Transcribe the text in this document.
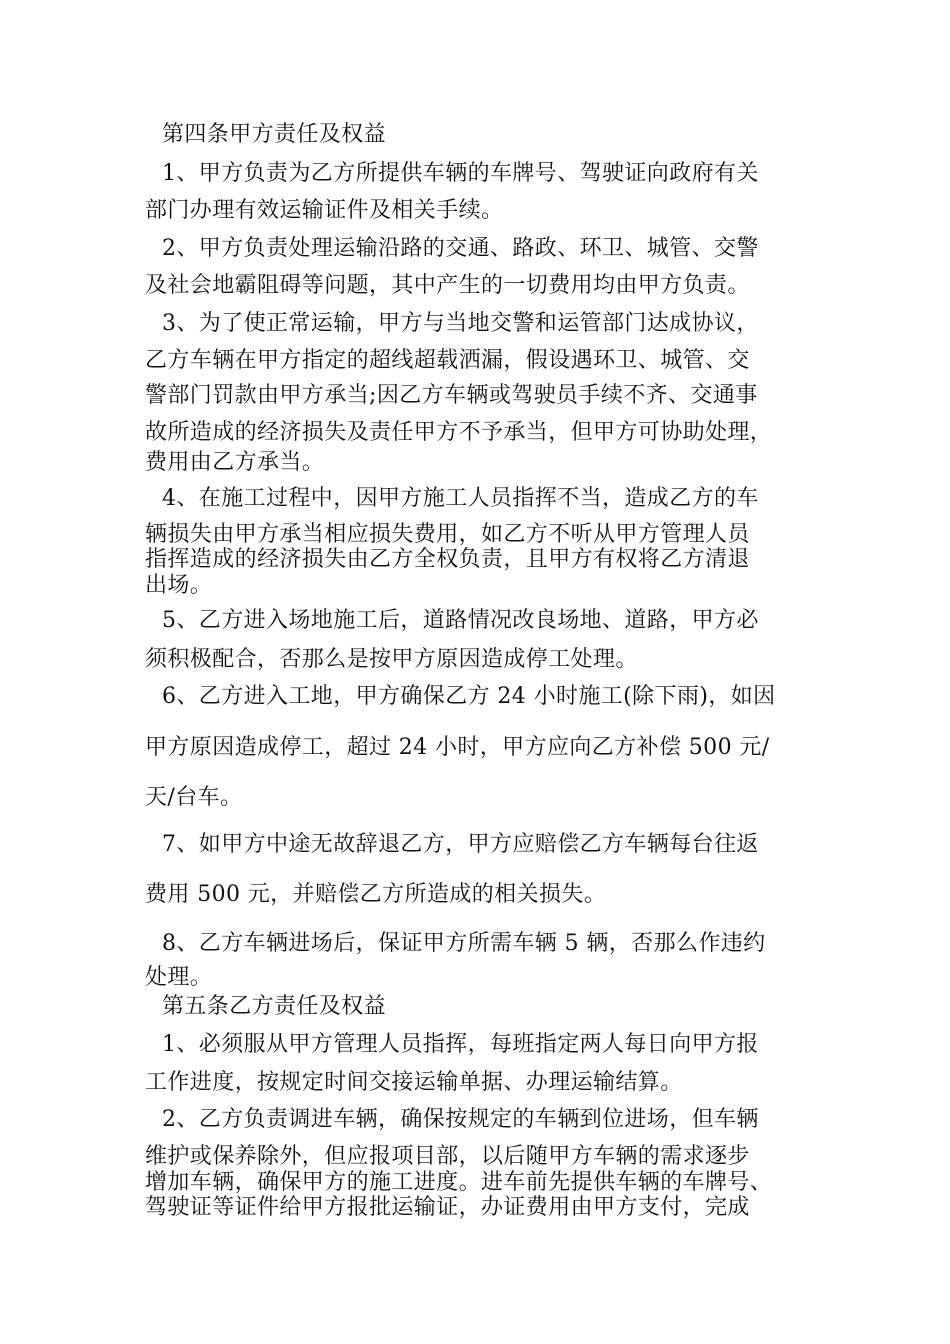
第四条甲方责任及权益
1、甲方负责为乙方所提供车辆的车牌号、驾驶证向政府有关
部门办理有效运输证件及相关手续。
2、甲方负责处理运输沿路的交通、路政、环卫、城管、交警
及社会地霸阻碍等问题，其中产生的一切费用均由甲方负责。
3、为了使正常运输，甲方与当地交警和运管部门达成协议，
乙方车辆在甲方指定的超线超载洒漏，假设遇环卫、城管、交
警部门罚款由甲方承当;因乙方车辆或驾驶员手续不齐、交通事
故所造成的经济损失及责任甲方不予承当，但甲方可协助处理，
费用由乙方承当。
4、在施工过程中，因甲方施工人员指挥不当，造成乙方的车
辆损失由甲方承当相应损失费用，如乙方不听从甲方管理人员
指挥造成的经济损失由乙方全权负责，且甲方有权将乙方清退
出场。
5、乙方进入场地施工后，道路情况改良场地、道路，甲方必
须积极配合，否那么是按甲方原因造成停工处理。
6、乙方进入工地，甲方确保乙方 24 小时施工(除下雨)，如因
甲方原因造成停工，超过 24 小时，甲方应向乙方补偿 500 元/
天/台车。
7、如甲方中途无故辞退乙方，甲方应赔偿乙方车辆每台往返
费用 500 元，并赔偿乙方所造成的相关损失。
8、乙方车辆进场后，保证甲方所需车辆 5 辆，否那么作违约
处理。
第五条乙方责任及权益
1、必须服从甲方管理人员指挥，每班指定两人每日向甲方报
工作进度，按规定时间交接运输单据、办理运输结算。
2、乙方负责调进车辆，确保按规定的车辆到位进场，但车辆
维护或保养除外，但应报项目部，以后随甲方车辆的需求逐步
增加车辆，确保甲方的施工进度。进车前先提供车辆的车牌号、
驾驶证等证件给甲方报批运输证，办证费用由甲方支付，完成
